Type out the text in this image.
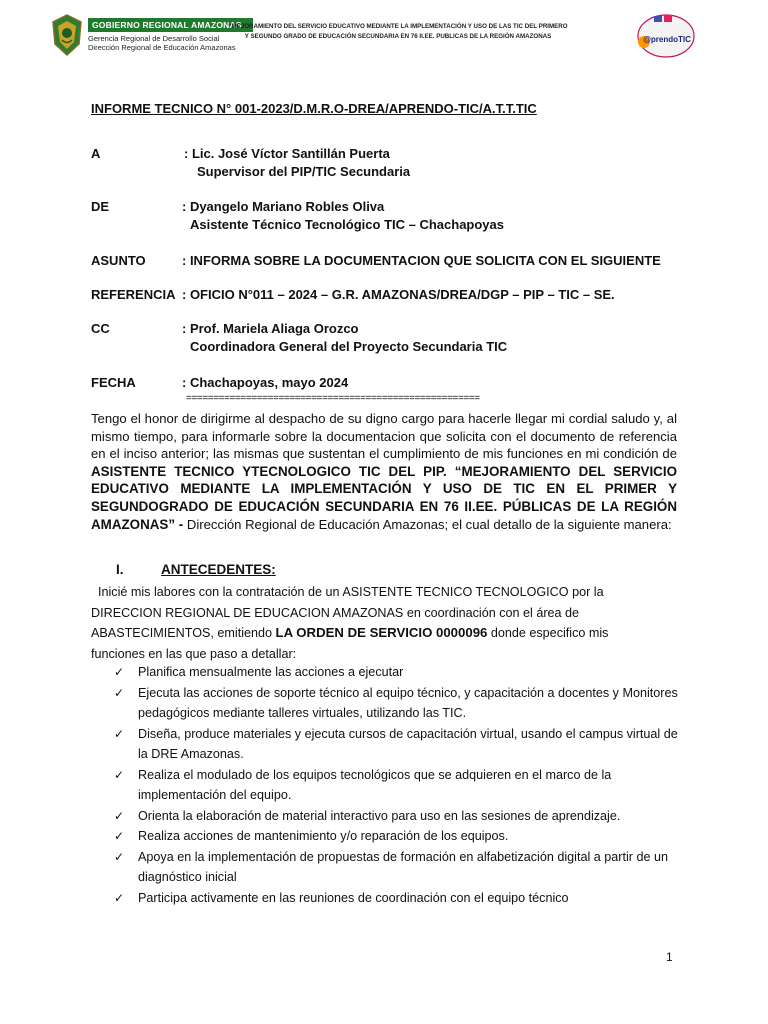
GOBIERNO REGIONAL AMAZONAS
Gerencia Regional de Desarrollo Social
Dirección Regional de Educación Amazonas
“MEJORAMIENTO DEL SERVICIO EDUCATIVO MEDIANTE LA IMPLEMENTACIÓN Y USO DE LAS TIC DEL PRIMERO Y SEGUNDO GRADO DE EDUCACIÓN SECUNDARIA EN 76 II.EE. PUBLICAS DE LA REGIÓN AMAZONAS	@prendoTIC
INFORME TECNICO N° 001-2023/D.M.R.O-DREA/APRENDO-TIC/A.T.T.TIC
A	: Lic. José Víctor Santillán Puerta
Supervisor del PIP/TIC Secundaria
DE	: Dyangelo Mariano Robles Oliva
Asistente Técnico Tecnológico TIC – Chachapoyas
ASUNTO	: INFORMA SOBRE LA DOCUMENTACION QUE SOLICITA CON EL SIGUIENTE
REFERENCIA : OFICIO N°011 – 2024 – G.R. AMAZONAS/DREA/DGP – PIP – TIC – SE.
CC	: Prof. Mariela Aliaga Orozco
Coordinadora General del Proyecto Secundaria TIC
FECHA	: Chachapoyas, mayo 2024
======================================================
Tengo el honor de dirigirme al despacho de su digno cargo para hacerle llegar mi cordial saludo y, al mismo tiempo, para informarle sobre la documentacion que solicita con el documento de referencia en el inciso anterior; las mismas que sustentan el cumplimiento de mis funciones en mi condición de ASISTENTE TECNICO YTECNOLOGICO TIC DEL PIP. “MEJORAMIENTO DEL SERVICIO EDUCATIVO MEDIANTE LA IMPLEMENTACIÓN Y USO DE TIC EN EL PRIMER Y SEGUNDOGRADO DE EDUCACIÓN SECUNDARIA EN 76 II.EE. PÚBLICAS DE LA REGIÓN AMAZONAS” - Dirección Regional de Educación Amazonas; el cual detallo de la siguiente manera:
I.	ANTECEDENTES:
Inicié mis labores con la contratación de un ASISTENTE TECNICO TECNOLOGICO por la DIRECCION REGIONAL DE EDUCACION AMAZONAS en coordinación con el área de ABASTECIMIENTOS, emitiendo LA ORDEN DE SERVICIO 0000096 donde especifico mis funciones en las que paso a detallar:
✓ Planifica mensualmente las acciones a ejecutar
✓ Ejecuta las acciones de soporte técnico al equipo técnico, y capacitación a docentes y Monitores pedagógicos mediante talleres virtuales, utilizando las TIC.
✓ Diseña, produce materiales y ejecuta cursos de capacitación virtual, usando el campus virtual de la DRE Amazonas.
✓ Realiza el modulado de los equipos tecnológicos que se adquieren en el marco de la implementación del equipo.
✓ Orienta la elaboración de material interactivo para uso en las sesiones de aprendizaje.
✓ Realiza acciones de mantenimiento y/o reparación de los equipos.
✓ Apoya en la implementación de propuestas de formación en alfabetización digital a partir de un diagnóstico inicial
✓ Participa activamente en las reuniones de coordinación con el equipo técnico
1
